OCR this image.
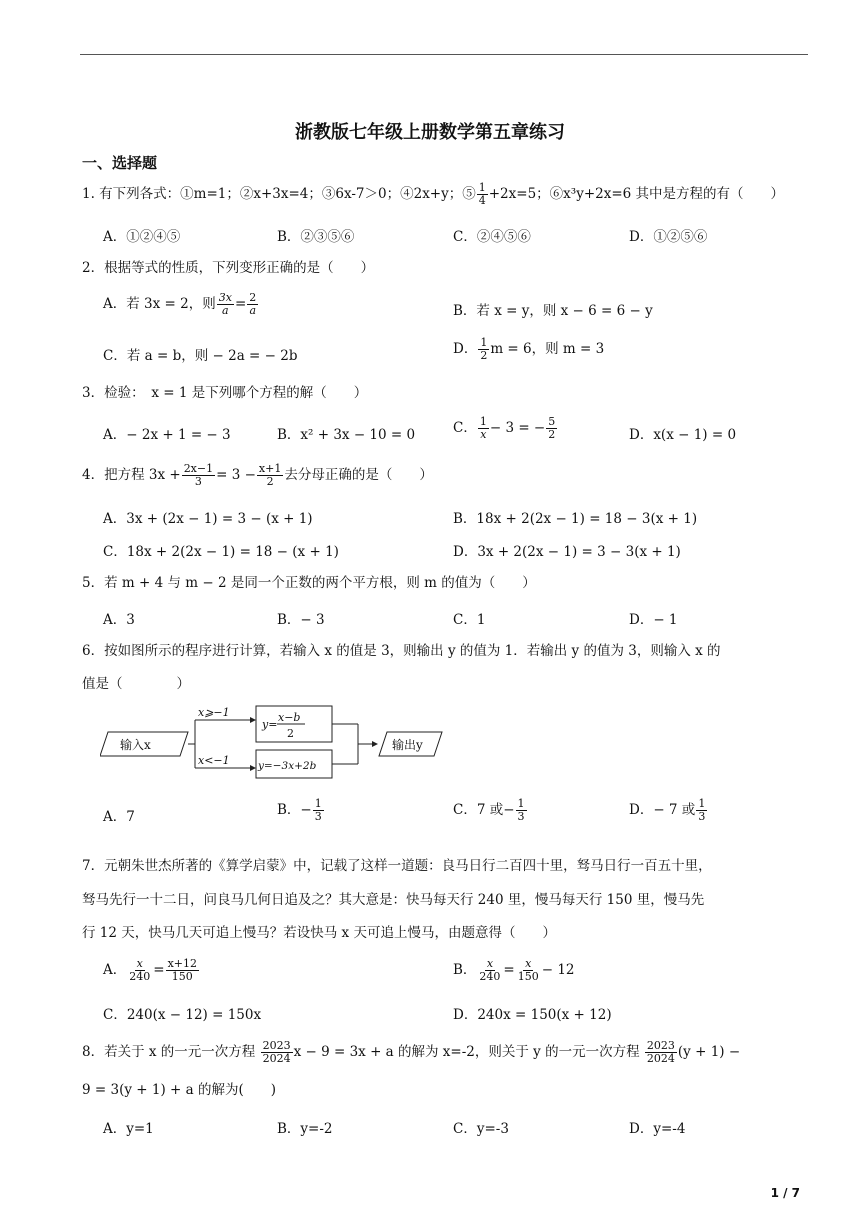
浙教版七年级上册数学第五章练习
一、选择题
1. 有下列各式：①m=1；②x+3x=4；③6x-7＞0；④2x+y；⑤ $\frac{1}{4} +2x=5$；⑥x³y+2x=6 其中是方程的有（　　）
A．①②④⑤	B．②③⑤⑥	C．②④⑤⑥	D．①②⑤⑥
2．根据等式的性质，下列变形正确的是（　　）
A．若 3x = 2，则 $\frac{3x}{a} = \frac{2}{a}$	B．若 x = y，则 x − 6 = 6 − y
C．若 a = b，则 − 2a = − 2b	D． $\frac{1}{2}$ m = 6，则 m = 3
3．检验：　x = 1 是下列哪个方程的解（　　）
A．− 2x + 1 = − 3	B．x² + 3x − 10 = 0	C． $\frac{1}{x} - 3$ = − $\frac{5}{2}$	D．x(x − 1) = 0
4．把方程 $3x + \frac{2x-1}{3} = 3 - \frac{x+1}{2}$ 去分母正确的是（　　）
A．3x + (2x − 1) = 3 − (x + 1)	B．18x + 2(2x − 1) = 18 − 3(x + 1)
C．18x + 2(2x − 1) = 18 − (x + 1)	D．3x + 2(2x − 1) = 3 − 3(x + 1)
5．若 m + 4 与 m − 2 是同一个正数的两个平方根，则 m 的值为（　　）
A．3	B．− 3	C．1	D．− 1
6．按如图所示的程序进行计算，若输入 x 的值是 3，则输出 y 的值为 1．若输出 y 的值为 3，则输入 x 的
值是（　　　　）
输入x
x⩾−1
x<−1
y=
x−b
2
y=−3x+2b
输出y
A．7	B．− $\frac{1}{3}$	C．7 或− $\frac{1}{3}$	D．− 7 或 $\frac{1}{3}$

7．元朝朱世杰所著的《算学启蒙》中，记载了这样一道题：良马日行二百四十里，驽马日行一百五十里，
驽马先行一十二日，问良马几何日追及之？其大意是：快马每天行 240 里，慢马每天行 150 里，慢马先
行 12 天，快马几天可追上慢马？若设快马 x 天可追上慢马，由题意得（　　）
A． $\frac{x}{240} = \frac{x+12}{150}$	B． $\frac{x}{240} = \frac{x}{150} - 12$
C．240(x − 12) = 150x	D．240x = 150(x + 12)
8．若关于 x 的一元一次方程 $\frac{2023}{2024}$ x − 9 = 3x + a 的解为 x=-2，则关于 y 的一元一次方程 $\frac{2023}{2024} (y + 1)$ −
9 = 3(y + 1) + a 的解为(　　)
A．y=1	B．y=-2	C．y=-3	D．y=-4
1 / 7
